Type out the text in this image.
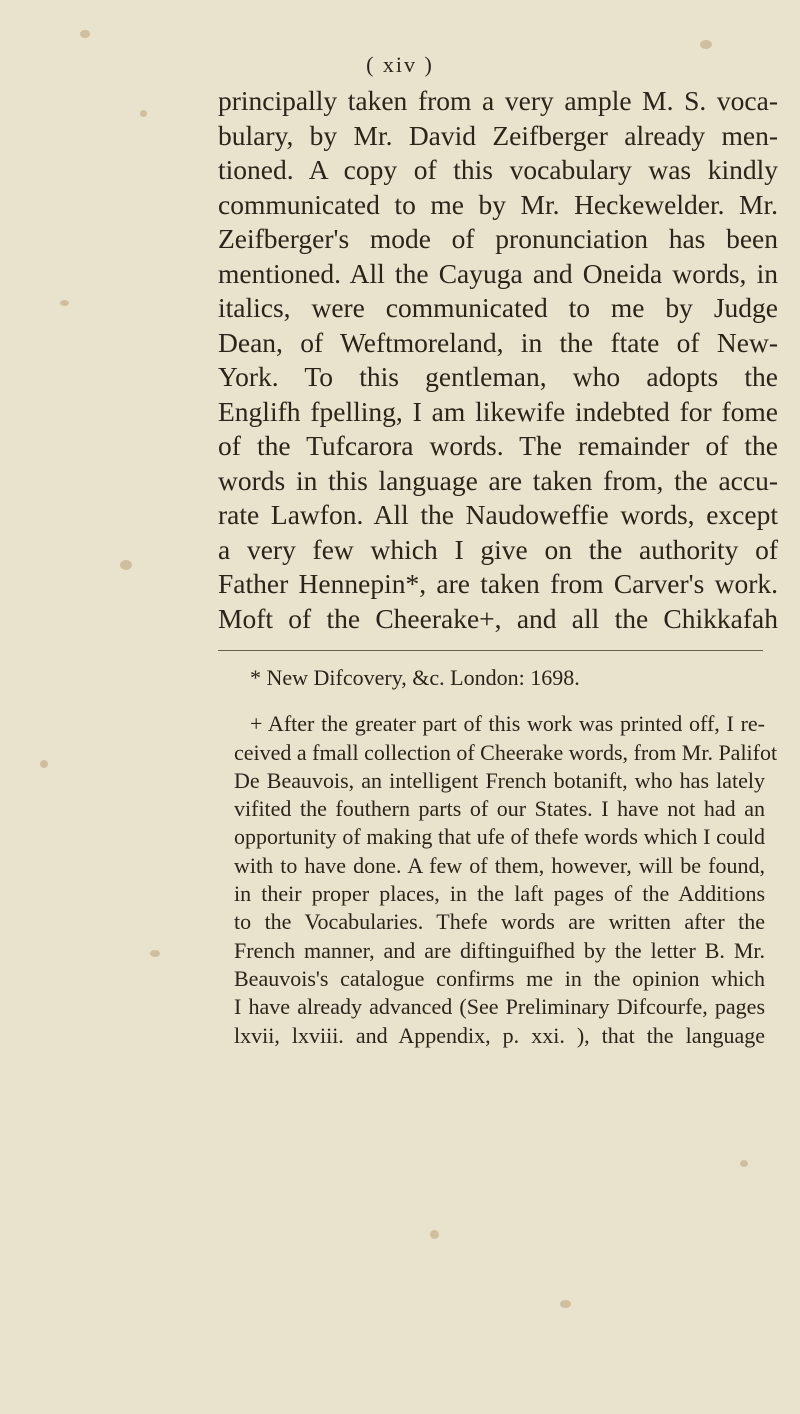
( xiv )
principally taken from a very ample M. S. voca-
bulary, by Mr. David Zeifberger already men-
tioned. A copy of this vocabulary was kindly
communicated to me by Mr. Heckewelder. Mr.
Zeifberger's mode of pronunciation has been
mentioned. All the Cayuga and Oneida words, in
italics, were communicated to me by Judge
Dean, of Weftmoreland, in the ftate of New-
York. To this gentleman, who adopts the
Englifh fpelling, I am likewife indebted for fome
of the Tufcarora words. The remainder of the
words in this language are taken from, the accu-
rate Lawfon. All the Naudoweffie words, except
a very few which I give on the authority of
Father Hennepin*, are taken from Carver's work.
Moft of the Cheerake+, and all the Chikkafah
* New Difcovery, &c. London: 1698.
+ After the greater part of this work was printed off, I re-
ceived a fmall collection of Cheerake words, from Mr. Palifot
De Beauvois, an intelligent French botanift, who has lately
vifited the fouthern parts of our States. I have not had an
opportunity of making that ufe of thefe words which I could
with to have done. A few of them, however, will be found,
in their proper places, in the laft pages of the Additions
to the Vocabularies. Thefe words are written after the
French manner, and are diftinguifhed by the letter B. Mr.
Beauvois's catalogue confirms me in the opinion which
I have already advanced (See Preliminary Difcourfe, pages
lxvii, lxviii. and Appendix, p. xxi. ), that the language
